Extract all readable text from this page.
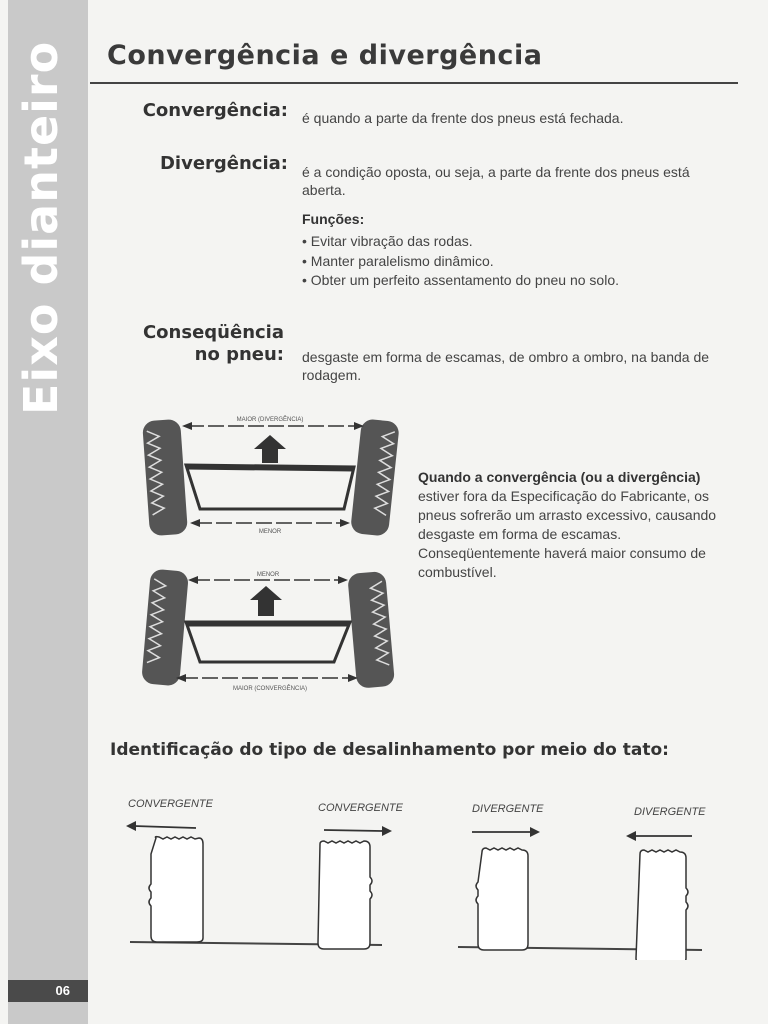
Eixo dianteiro
06
Convergência e divergência
Convergência: é quando a parte da frente dos pneus está fechada.
Divergência: é a condição oposta, ou seja, a parte da frente dos pneus está aberta.
Funções:
• Evitar vibração das rodas.
• Manter paralelismo dinâmico.
• Obter um perfeito assentamento do pneu no solo.
Conseqüência
no pneu: desgaste em forma de escamas, de ombro a ombro, na banda de rodagem.
MAIOR (DIVERGÊNCIA)
MENOR
MENOR
MAIOR (CONVERGÊNCIA)
Quando a convergência (ou a divergência)
estiver fora da Especificação do Fabricante, os pneus sofrerão um arrasto excessivo, causando desgaste em forma de escamas. Conseqüentemente haverá maior consumo de combustível.
Identificação do tipo de desalinhamento por meio do tato:
CONVERGENTE	CONVERGENTE	DIVERGENTE	DIVERGENTE
